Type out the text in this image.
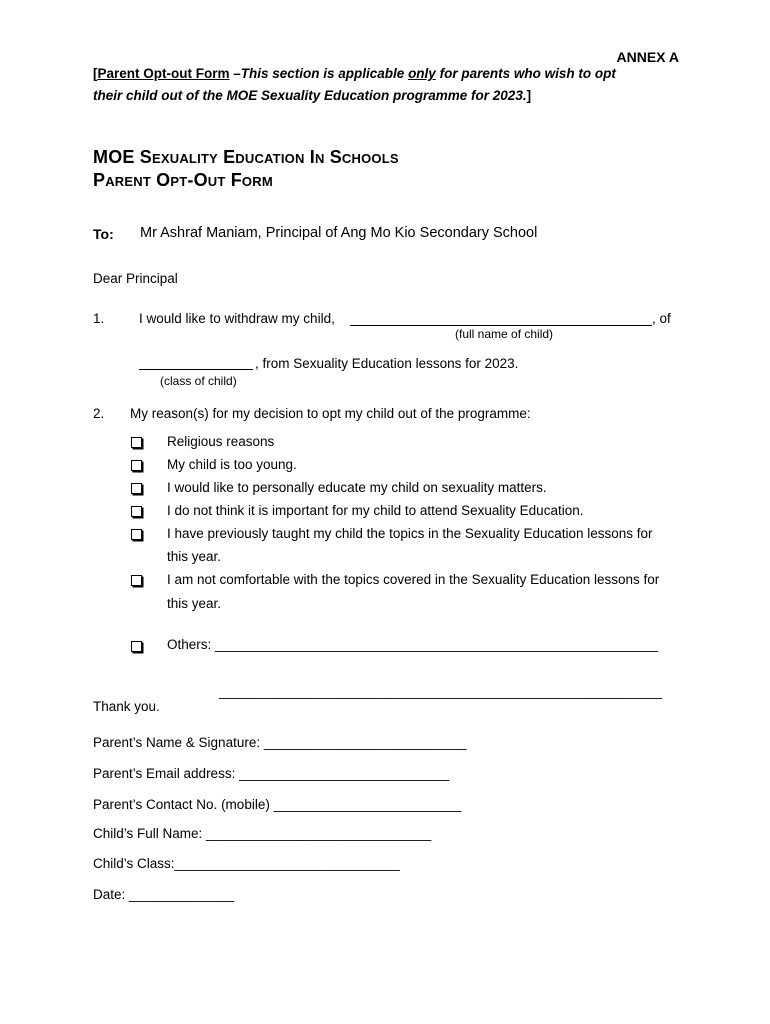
ANNEX A
[Parent Opt-out Form –This section is applicable only for parents who wish to opt
their child out of the MOE Sexuality Education programme for 2023.]
MOE Sexuality Education In Schools
Parent Opt-Out Form
To: Mr Ashraf Maniam, Principal of Ang Mo Kio Secondary School
Dear Principal
1.	I would like to withdraw my child,	, of
(full name of child)
, from Sexuality Education lessons for 2023.
(class of child)
2. My reason(s) for my decision to opt my child out of the programme:
Religious reasons
My child is too young.
I would like to personally educate my child on sexuality matters.
I do not think it is important for my child to attend Sexuality Education.
I have previously taught my child the topics in the Sexuality Education lessons for
this year.
I am not comfortable with the topics covered in the Sexuality Education lessons for
this year.
Others: ___________________________________________________________
___________________________________________________________
Thank you.
Parent’s Name & Signature: ___________________________
Parent’s Email address: ____________________________
Parent’s Contact No. (mobile) _________________________
Child’s Full Name: ______________________________
Child’s Class:______________________________
Date: ______________
